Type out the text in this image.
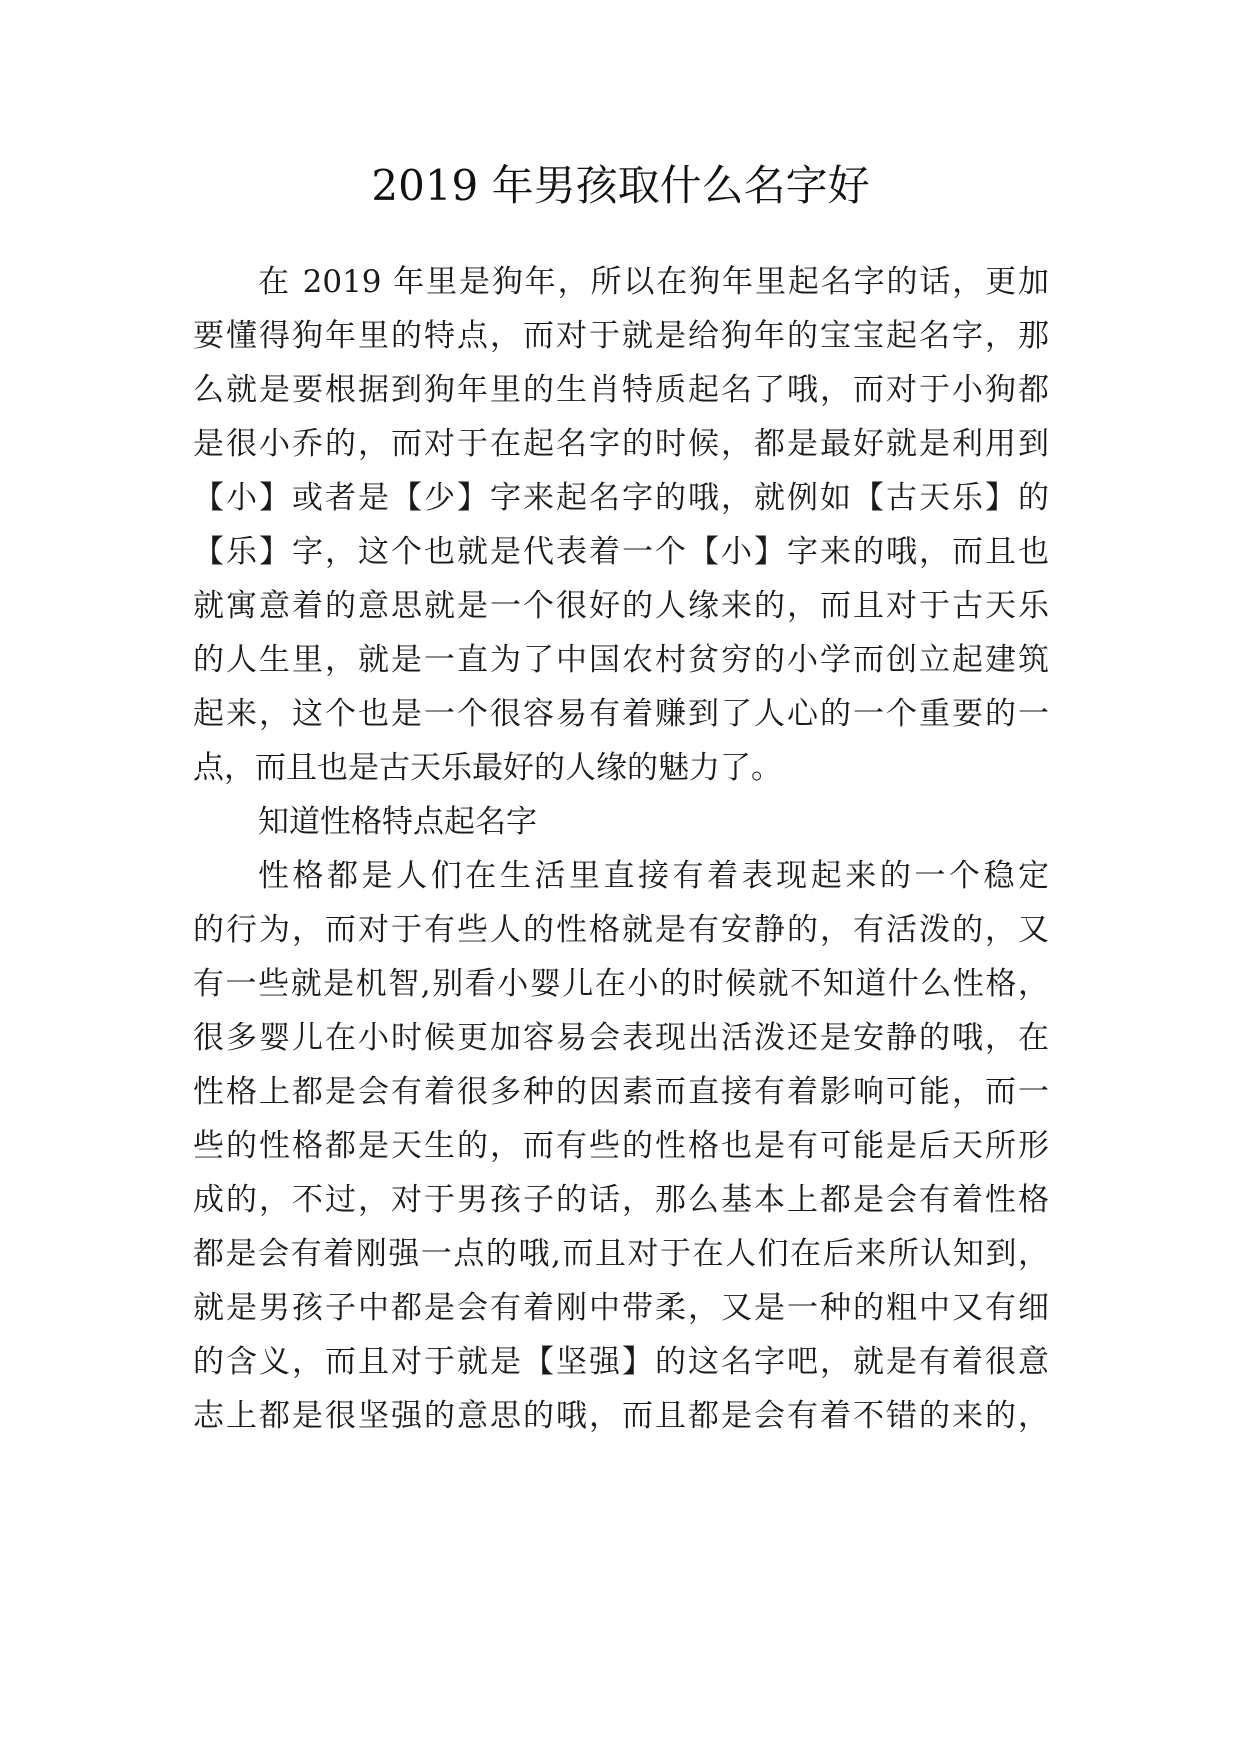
2019 年男孩取什么名字好
在 2019 年里是狗年，所以在狗年里起名字的话，更加
要懂得狗年里的特点，而对于就是给狗年的宝宝起名字，那
么就是要根据到狗年里的生肖特质起名了哦，而对于小狗都
是很小乔的，而对于在起名字的时候，都是最好就是利用到
【小】或者是【少】字来起名字的哦，就例如【古天乐】的
【乐】字，这个也就是代表着一个【小】字来的哦，而且也
就寓意着的意思就是一个很好的人缘来的，而且对于古天乐
的人生里，就是一直为了中国农村贫穷的小学而创立起建筑
起来，这个也是一个很容易有着赚到了人心的一个重要的一
点，而且也是古天乐最好的人缘的魅力了。
知道性格特点起名字
性格都是人们在生活里直接有着表现起来的一个稳定
的行为，而对于有些人的性格就是有安静的，有活泼的，又
有一些就是机智,别看小婴儿在小的时候就不知道什么性格，
很多婴儿在小时候更加容易会表现出活泼还是安静的哦，在
性格上都是会有着很多种的因素而直接有着影响可能，而一
些的性格都是天生的，而有些的性格也是有可能是后天所形
成的，不过，对于男孩子的话，那么基本上都是会有着性格
都是会有着刚强一点的哦,而且对于在人们在后来所认知到，
就是男孩子中都是会有着刚中带柔，又是一种的粗中又有细
的含义，而且对于就是【坚强】的这名字吧，就是有着很意
志上都是很坚强的意思的哦，而且都是会有着不错的来的，
